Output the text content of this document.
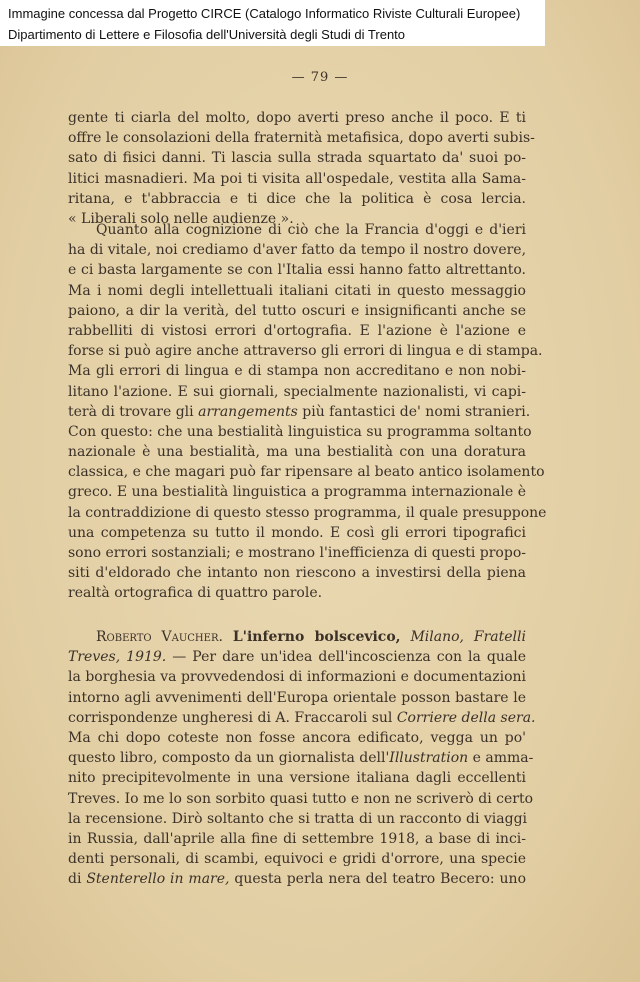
Immagine concessa dal Progetto CIRCE (Catalogo Informatico Riviste Culturali Europee)
Dipartimento di Lettere e Filosofia dell'Università degli Studi di Trento
— 79 —
gente ti ciarla del molto, dopo averti preso anche il poco. E ti
offre le consolazioni della fraternità metafisica, dopo averti subis-
sato di fisici danni. Ti lascia sulla strada squartato da' suoi po-
litici masnadieri. Ma poi ti visita all'ospedale, vestita alla Sama-
ritana, e t'abbraccia e ti dice che la politica è cosa lercia.
« Liberali solo nelle audienze ».
Quanto alla cognizione di ciò che la Francia d'oggi e d'ieri
ha di vitale, noi crediamo d'aver fatto da tempo il nostro dovere,
e ci basta largamente se con l'Italia essi hanno fatto altrettanto.
Ma i nomi degli intellettuali italiani citati in questo messaggio
paiono, a dir la verità, del tutto oscuri e insignificanti anche se
rabbelliti di vistosi errori d'ortografia. E l'azione è l'azione e
forse si può agire anche attraverso gli errori di lingua e di stampa.
Ma gli errori di lingua e di stampa non accreditano e non nobi-
litano l'azione. E sui giornali, specialmente nazionalisti, vi capi-
terà di trovare gli arrangements più fantastici de' nomi stranieri.
Con questo: che una bestialità linguistica su programma soltanto
nazionale è una bestialità, ma una bestialità con una doratura
classica, e che magari può far ripensare al beato antico isolamento
greco. E una bestialità linguistica a programma internazionale è
la contraddizione di questo stesso programma, il quale presuppone
una competenza su tutto il mondo. E così gli errori tipografici
sono errori sostanziali; e mostrano l'inefficienza di questi propo-
siti d'eldorado che intanto non riescono a investirsi della piena
realtà ortografica di quattro parole.
Roberto Vaucher. L'inferno bolscevico, Milano, Fratelli
Treves, 1919. — Per dare un'idea dell'incoscienza con la quale
la borghesia va provvedendosi di informazioni e documentazioni
intorno agli avvenimenti dell'Europa orientale posson bastare le
corrispondenze ungheresi di A. Fraccaroli sul Corriere della sera.
Ma chi dopo coteste non fosse ancora edificato, vegga un po'
questo libro, composto da un giornalista dell'Illustration e amma-
nito precipitevolmente in una versione italiana dagli eccellenti
Treves. Io me lo son sorbito quasi tutto e non ne scriverò di certo
la recensione. Dirò soltanto che si tratta di un racconto di viaggi
in Russia, dall'aprile alla fine di settembre 1918, a base di inci-
denti personali, di scambi, equivoci e gridi d'orrore, una specie
di Stenterello in mare, questa perla nera del teatro Becero: uno
